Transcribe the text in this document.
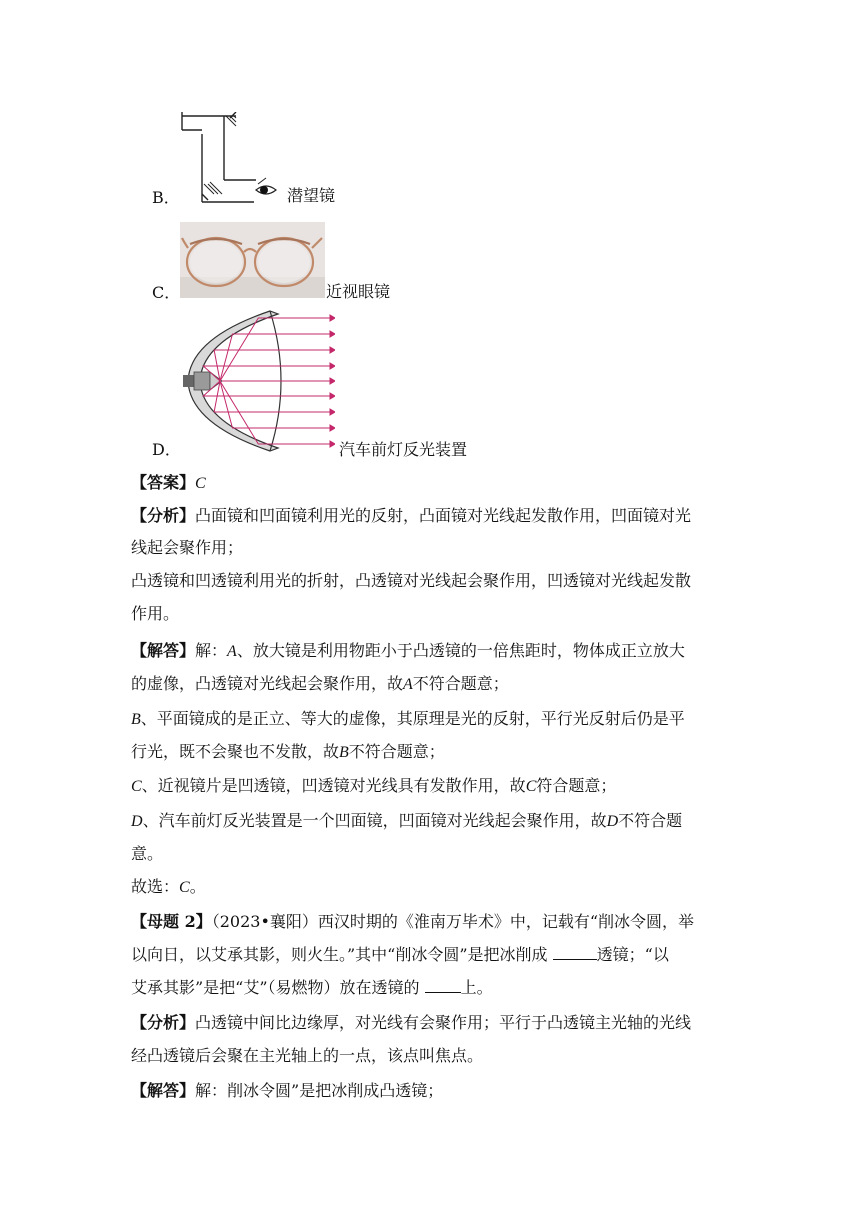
B．	潜望镜
C．	近视眼镜
D．	汽车前灯反光装置
【答案】C
【分析】凸面镜和凹面镜利用光的反射，凸面镜对光线起发散作用，凹面镜对光
线起会聚作用；
凸透镜和凹透镜利用光的折射，凸透镜对光线起会聚作用，凹透镜对光线起发散
作用。
【解答】解：A、放大镜是利用物距小于凸透镜的一倍焦距时，物体成正立放大
的虚像，凸透镜对光线起会聚作用，故A不符合题意；
B、平面镜成的是正立、等大的虚像，其原理是光的反射，平行光反射后仍是平
行光，既不会聚也不发散，故B不符合题意；
C、近视镜片是凹透镜，凹透镜对光线具有发散作用，故C符合题意；
D、汽车前灯反光装置是一个凹面镜，凹面镜对光线起会聚作用，故D不符合题
意。
故选：C。
【母题 2】（2023•襄阳）西汉时期的《淮南万毕术》中，记载有“削冰令圆，举
以向日，以艾承其影，则火生。”其中“削冰令圆”是把冰削成	透镜；“以
艾承其影”是把“艾”（易燃物）放在透镜的 上。
【分析】凸透镜中间比边缘厚，对光线有会聚作用；平行于凸透镜主光轴的光线
经凸透镜后会聚在主光轴上的一点，该点叫焦点。
【解答】解：削冰令圆”是把冰削成凸透镜；
